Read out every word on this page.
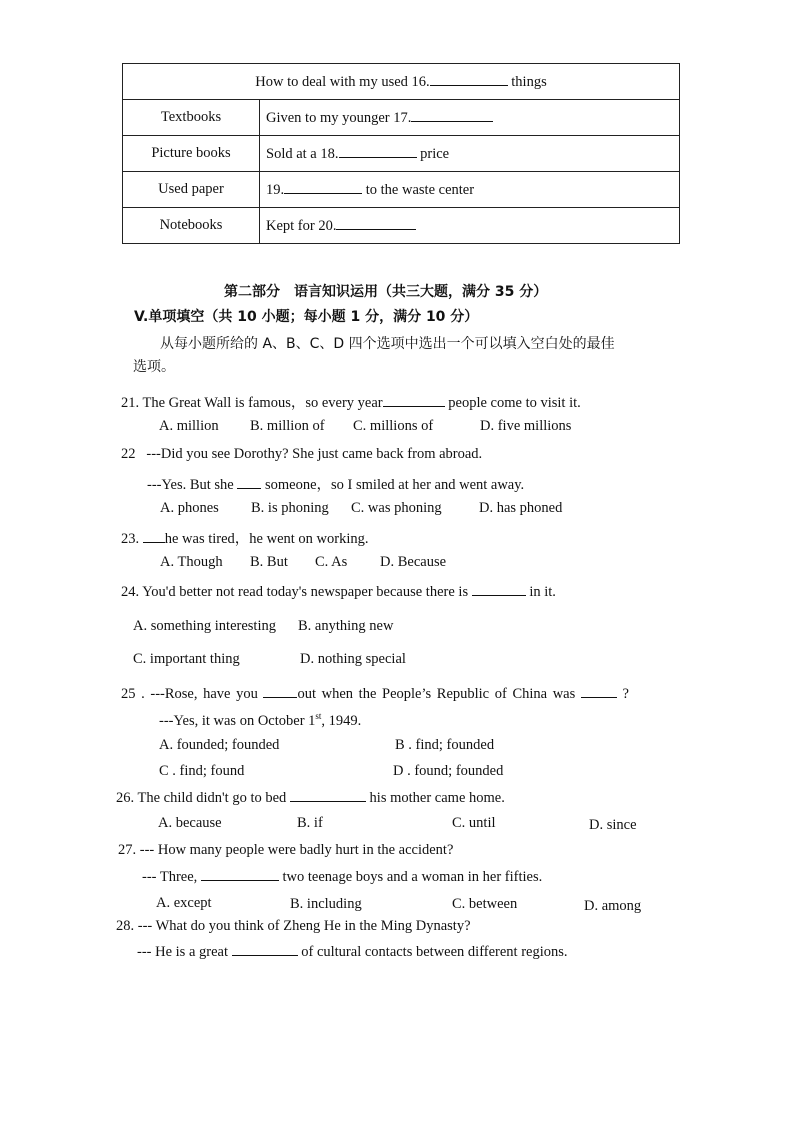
How to deal with my used 16. things	
Textbooks	Given to my younger 17.
Picture books	Sold at a 18. price
Used paper	19. to the waste center
Notebooks	Kept for 20.
第二部分　语言知识运用（共三大题，满分 35 分）
V.单项填空（共 10 小题；每小题 1 分，满分 10 分）
从每小题所给的 A、B、C、D 四个选项中选出一个可以填入空白处的最佳
选项。
21. The Great Wall is famous，so every year	people come to visit it.
A. million B. million of C. millions of	D. five millions
22 ---Did you see Dorothy? She just came back from abroad.
---Yes. But she  someone，so I smiled at her and went away.
A. phones B. is phoning C. was phoning	D. has phoned
23. he was tired，he went on working.
A. Though B. But C. As D. Because
24. You'd better not read today's newspaper because there is	in it.
A. something interesting B. anything new
C. important thing	D. nothing special
25 . ---Rose, have you	out when the People’s Republic of China was	?
---Yes, it was on October 1st, 1949.
A. founded; founded	B . find; founded
C . find; found	D . found; founded
26. The child didn't go to bed	his mother came home.
A. because	B. if	C. until	D. since
27. --- How many people were badly hurt in the accident?
--- Three,	two teenage boys and a woman in her fifties.
A. except	B. including	C. between	D. among
28. --- What do you think of Zheng He in the Ming Dynasty?
--- He is a great	of cultural contacts between different regions.
